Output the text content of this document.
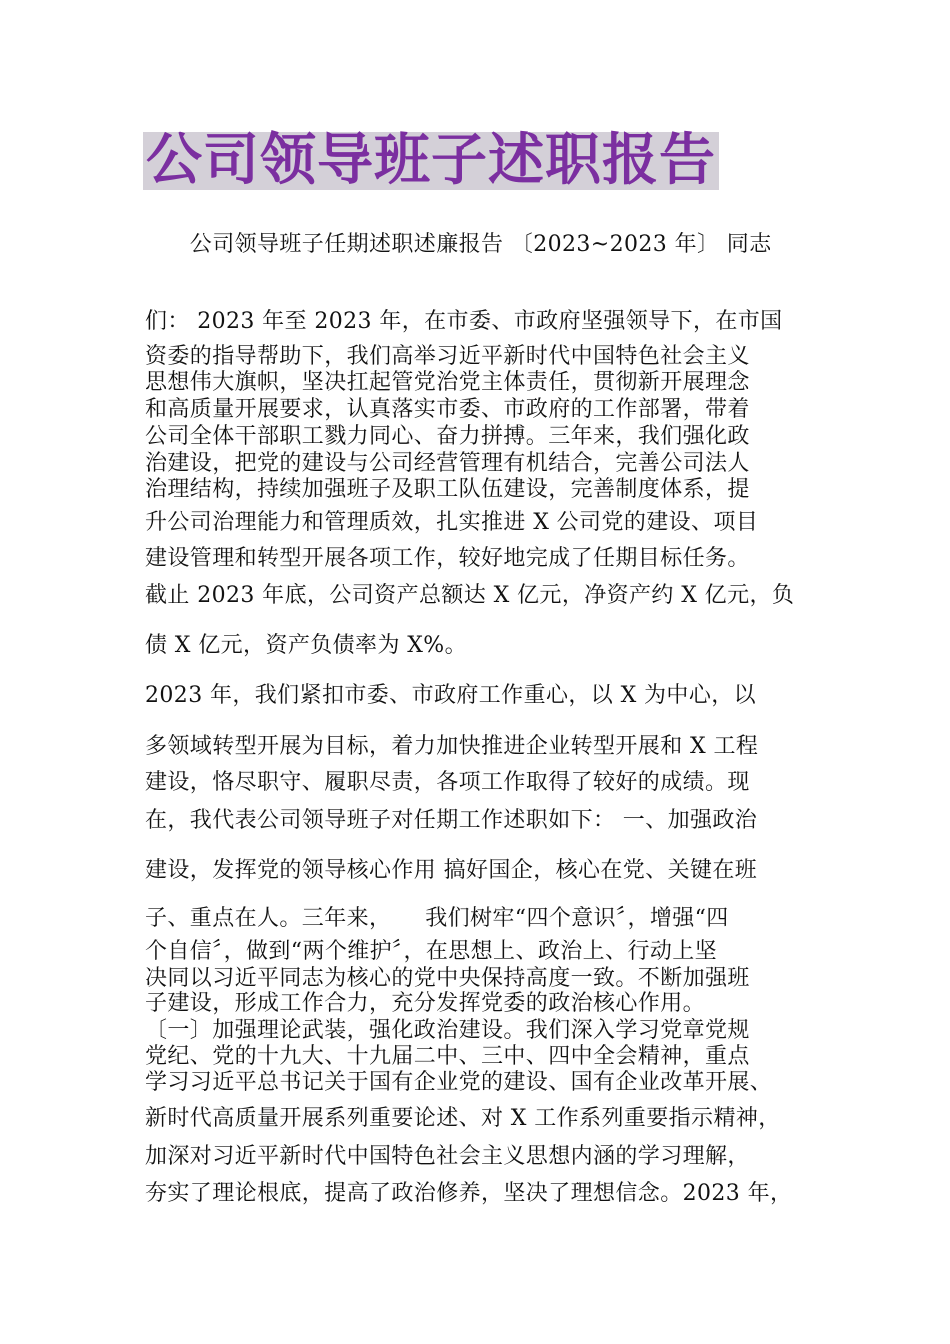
公司领导班子述职报告
　　公司领导班子任期述职述廉报告 〔2023~2023 年〕 同志
们： 2023 年至 2023 年，在市委、市政府坚强领导下，在市国
资委的指导帮助下，我们高举习近平新时代中国特色社会主义
思想伟大旗帜，坚决扛起管党治党主体责任，贯彻新开展理念
和高质量开展要求，认真落实市委、市政府的工作部署，带着
公司全体干部职工戮力同心、奋力拼搏。三年来，我们强化政
治建设，把党的建设与公司经营管理有机结合，完善公司法人
治理结构，持续加强班子及职工队伍建设，完善制度体系，提
升公司治理能力和管理质效，扎实推进 X 公司党的建设、项目
建设管理和转型开展各项工作，较好地完成了任期目标任务。
截止 2023 年底，公司资产总额达 X 亿元，净资产约 X 亿元，负
债 X 亿元，资产负债率为 X%。
2023 年，我们紧扣市委、市政府工作重心，以 X 为中心，以
多领域转型开展为目标，着力加快推进企业转型开展和 X 工程
建设，恪尽职守、履职尽责，各项工作取得了较好的成绩。现
在，我代表公司领导班子对任期工作述职如下： 一、加强政治
建设，发挥党的领导核心作用 搞好国企，核心在党、关键在班
子、重点在人。三年来，　　我们树牢“四个意识〞，增强“四
个自信〞，做到“两个维护〞，在思想上、政治上、行动上坚
决同以习近平同志为核心的党中央保持高度一致。不断加强班
子建设，形成工作合力，充分发挥党委的政治核心作用。
〔一〕加强理论武装，强化政治建设。我们深入学习党章党规
党纪、党的十九大、十九届二中、三中、四中全会精神，重点
学习习近平总书记关于国有企业党的建设、国有企业改革开展、
新时代高质量开展系列重要论述、对 X 工作系列重要指示精神，
加深对习近平新时代中国特色社会主义思想内涵的学习理解，
夯实了理论根底，提高了政治修养，坚决了理想信念。2023 年，
